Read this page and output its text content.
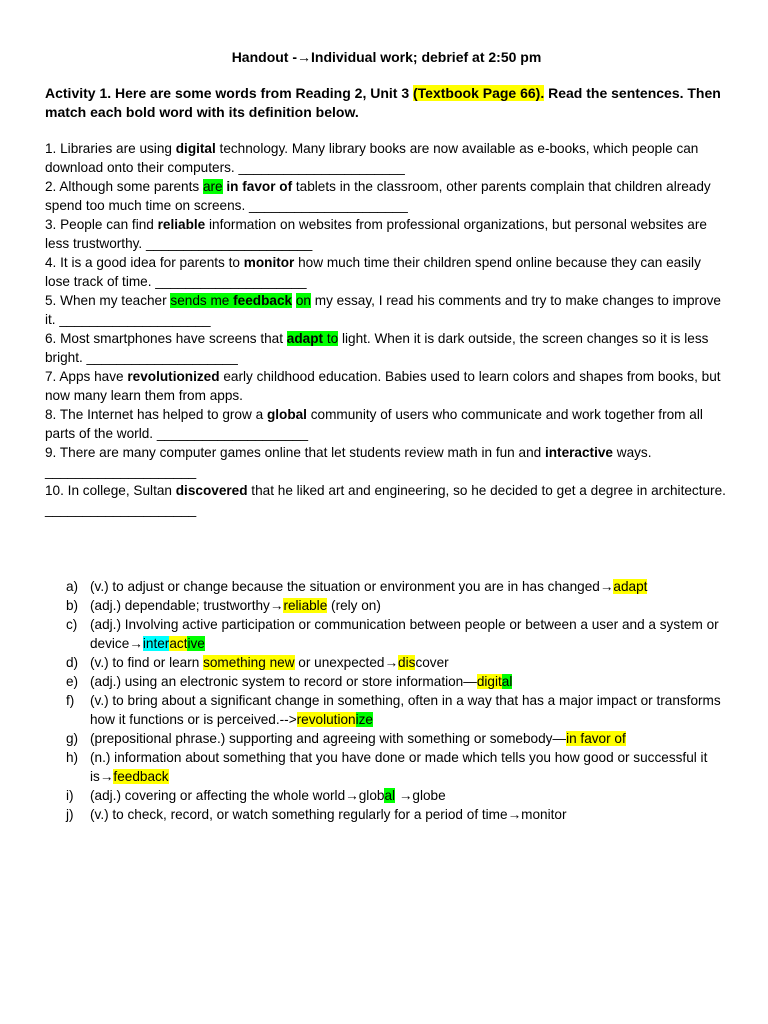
Handout -→Individual work; debrief at 2:50 pm
Activity 1. Here are some words from Reading 2, Unit 3 (Textbook Page 66). Read the sentences. Then match each bold word with its definition below.

1. Libraries are using digital technology. Many library books are now available as e-books, which people can download onto their computers. ______________________

2. Although some parents are in favor of tablets in the classroom, other parents complain that children already spend too much time on screens. _____________________

3. People can find reliable information on websites from professional organizations, but personal websites are less trustworthy. ______________________

4. It is a good idea for parents to monitor how much time their children spend online because they can easily lose track of time. ____________________

5. When my teacher sends me feedback on my essay, I read his comments and try to make changes to improve it. ____________________

6. Most smartphones have screens that adapt to light. When it is dark outside, the screen changes so it is less bright. ____________________

7. Apps have revolutionized early childhood education. Babies used to learn colors and shapes from books, but now many learn them from apps.

8. The Internet has helped to grow a global community of users who communicate and work together from all parts of the world. ____________________

9. There are many computer games online that let students review math in fun and interactive ways. ____________________

10. In college, Sultan discovered that he liked art and engineering, so he decided to get a degree in architecture. ____________________

a) (v.) to adjust or change because the situation or environment you are in has changed→adapt
b) (adj.) dependable; trustworthy→reliable (rely on)
c) (adj.) Involving active participation or communication between people or between a user and a system or device→interactive
d) (v.) to find or learn something new or unexpected→discover
e) (adj.) using an electronic system to record or store information—digital
f)	(v.) to bring about a significant change in something, often in a way that has a major impact or transforms how it functions or is perceived.-->revolutionize
g) (prepositional phrase.) supporting and agreeing with something or somebody—in favor of
h) (n.) information about something that you have done or made which tells you how good or successful it is→feedback
i)	(adj.) covering or affecting the whole world→global →globe
j)	(v.) to check, record, or watch something regularly for a period of time→monitor
